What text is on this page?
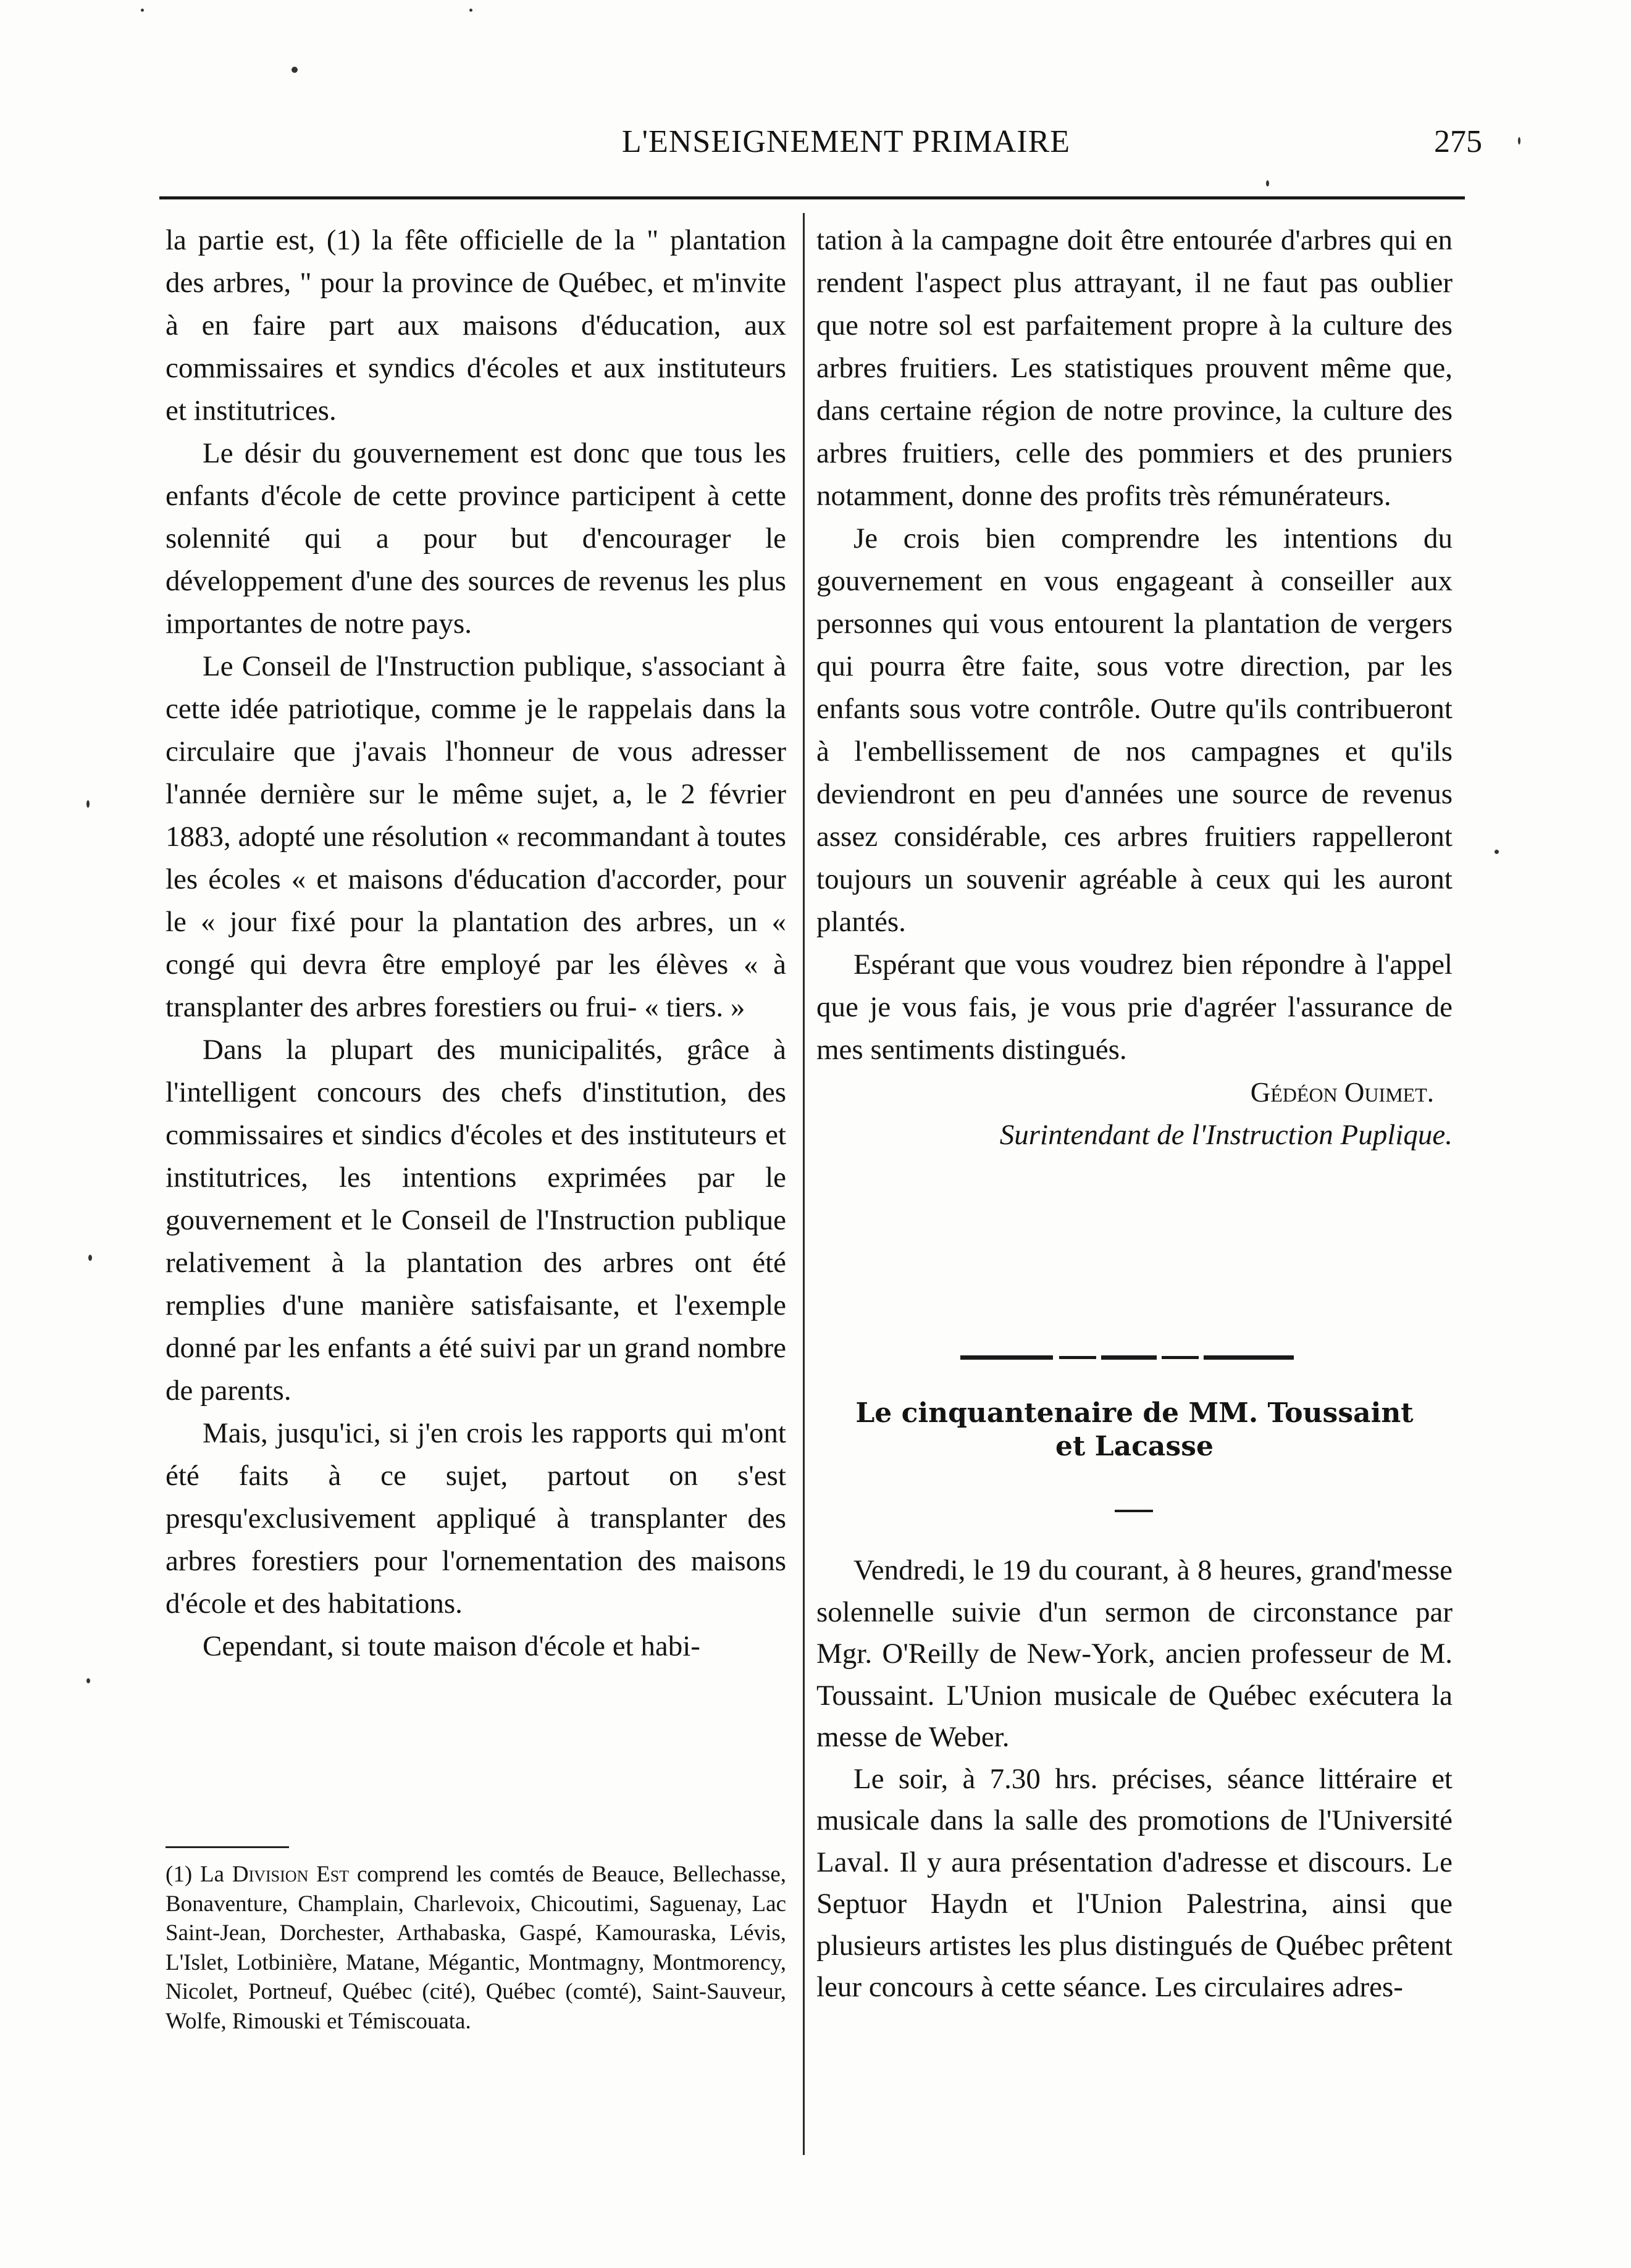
L'ENSEIGNEMENT PRIMAIRE	275

la partie est, (1) la fête officielle de la " plantation des arbres, " pour la province de Québec, et m'invite à en faire part aux maisons d'éducation, aux commissaires et syndics d'écoles et aux instituteurs et institutrices.

Le désir du gouvernement est donc que tous les enfants d'école de cette province participent à cette solennité qui a pour but d'encourager le développement d'une des sources de revenus les plus importantes de notre pays.

Le Conseil de l'Instruction publique, s'associant à cette idée patriotique, comme je le rappelais dans la circulaire que j'avais l'honneur de vous adresser l'année dernière sur le même sujet, a, le 2 février 1883, adopté une résolution « recommandant à toutes les écoles « et maisons d'éducation d'accorder, pour le « jour fixé pour la plantation des arbres, un « congé qui devra être employé par les élèves « à transplanter des arbres forestiers ou frui- « tiers. »

Dans la plupart des municipalités, grâce à l'intelligent concours des chefs d'institution, des commissaires et sindics d'écoles et des instituteurs et institutrices, les intentions exprimées par le gouvernement et le Conseil de l'Instruction publique relativement à la plantation des arbres ont été remplies d'une manière satisfaisante, et l'exemple donné par les enfants a été suivi par un grand nombre de parents.

Mais, jusqu'ici, si j'en crois les rapports qui m'ont été faits à ce sujet, partout on s'est presqu'exclusivement appliqué à transplanter des arbres forestiers pour l'ornementation des maisons d'école et des habitations.

Cependant, si toute maison d'école et habi-

(1) La Division Est comprend les comtés de Beauce, Bellechasse, Bonaventure, Champlain, Charlevoix, Chicoutimi, Saguenay, Lac Saint-Jean, Dorchester, Arthabaska, Gaspé, Kamouraska, Lévis, L'Islet, Lotbinière, Matane, Mégantic, Montmagny, Montmorency, Nicolet, Portneuf, Québec (cité), Québec (comté), Saint-Sauveur, Wolfe, Rimouski et Témiscouata.

tation à la campagne doit être entourée d'arbres qui en rendent l'aspect plus attrayant, il ne faut pas oublier que notre sol est parfaitement propre à la culture des arbres fruitiers. Les statistiques prouvent même que, dans certaine région de notre province, la culture des arbres fruitiers, celle des pommiers et des pruniers notamment, donne des profits très rémunérateurs.

Je crois bien comprendre les intentions du gouvernement en vous engageant à conseiller aux personnes qui vous entourent la plantation de vergers qui pourra être faite, sous votre direction, par les enfants sous votre contrôle. Outre qu'ils contribueront à l'embellissement de nos campagnes et qu'ils deviendront en peu d'années une source de revenus assez considérable, ces arbres fruitiers rappelleront toujours un souvenir agréable à ceux qui les auront plantés.

Espérant que vous voudrez bien répondre à l'appel que je vous fais, je vous prie d'agréer l'assurance de mes sentiments distingués.

Gédéon Ouimet.
Surintendant de l'Instruction Puplique.
Le cinquantenaire de MM. Toussaint
et Lacasse

Vendredi, le 19 du courant, à 8 heures, grand'messe solennelle suivie d'un sermon de circonstance par Mgr. O'Reilly de New-York, ancien professeur de M. Toussaint. L'Union musicale de Québec exécutera la messe de Weber.

Le soir, à 7.30 hrs. précises, séance littéraire et musicale dans la salle des promotions de l'Université Laval. Il y aura présentation d'adresse et discours. Le Septuor Haydn et l'Union Palestrina, ainsi que plusieurs artistes les plus distingués de Québec prêtent leur concours à cette séance. Les circulaires adres-
